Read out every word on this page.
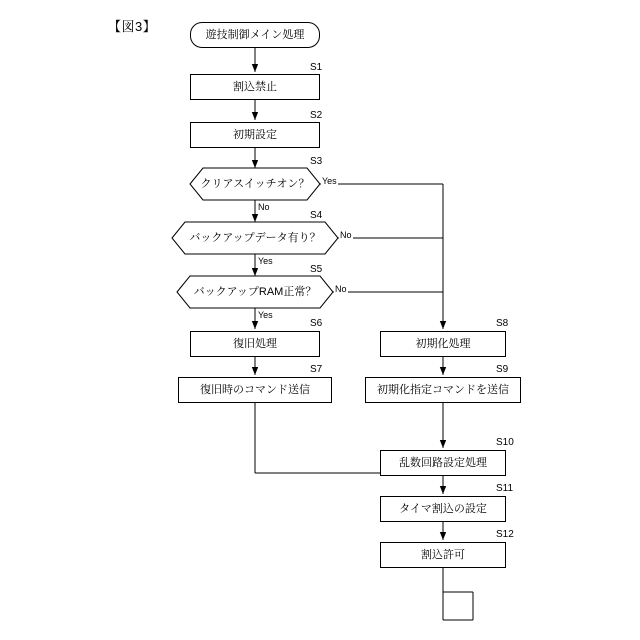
【図3】
遊技制御メイン処理
割込禁止
S1
初期設定
S2
クリアスイッチオン？
S3
Yes
No
バックアップデータ有り？
S4
No
Yes
バックアップRAM正常？
S5
No
Yes
復旧処理
S6
復旧時のコマンド送信
S7
初期化処理
S8
初期化指定コマンドを送信
S9
乱数回路設定処理
S10
タイマ割込の設定
S11
割込許可
S12
